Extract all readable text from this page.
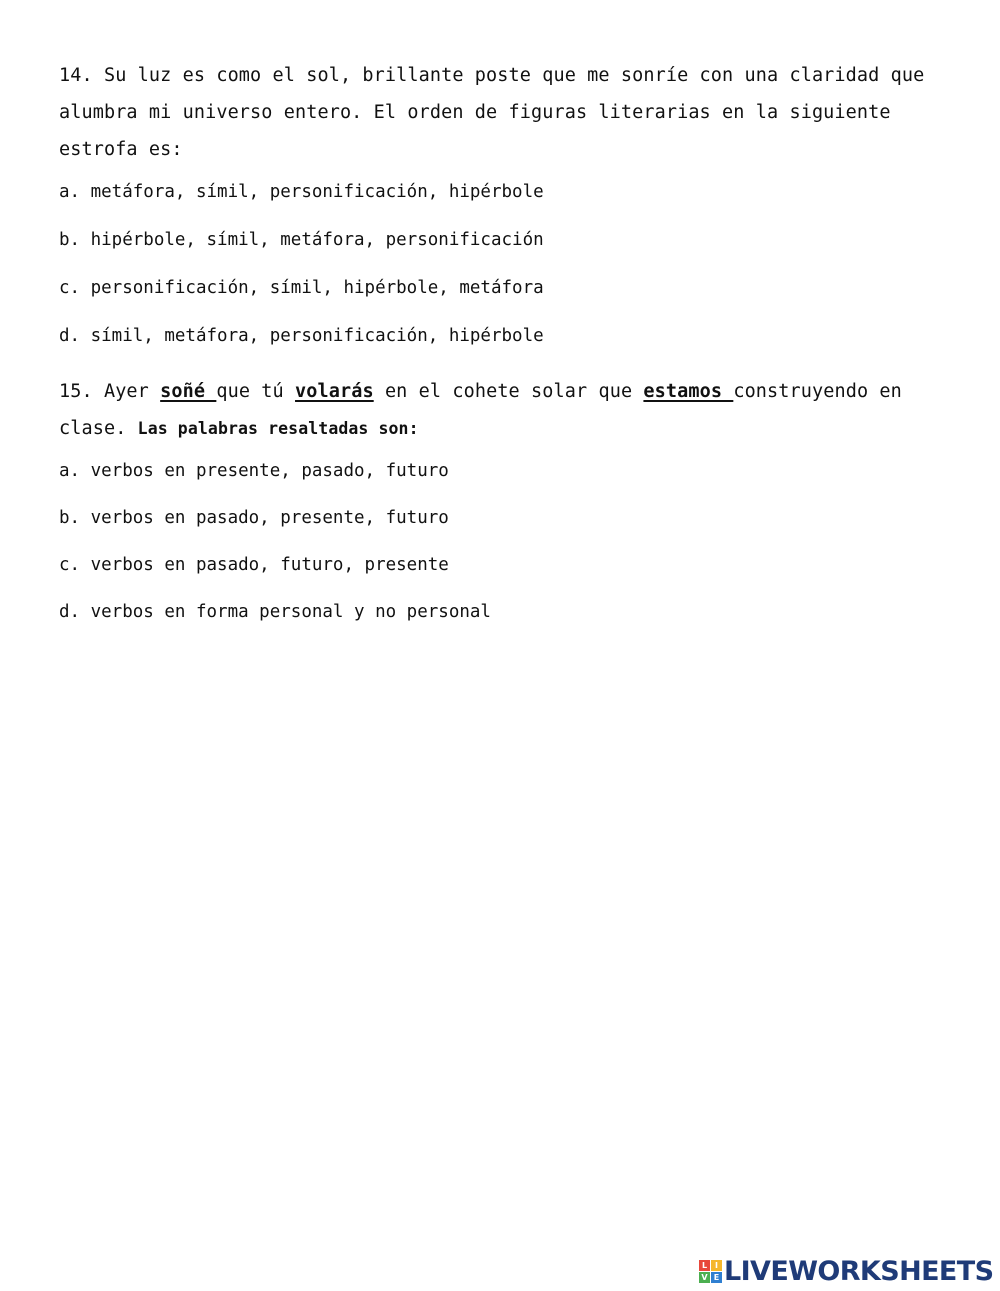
14. Su luz es como el sol, brillante poste que me sonríe con una claridad que alumbra mi universo entero. El orden de figuras literarias en la siguiente estrofa es:

a. metáfora, símil, personificación, hipérbole
b. hipérbole, símil, metáfora, personificación
c. personificación, símil, hipérbole, metáfora
d. símil, metáfora, personificación, hipérbole

15. Ayer soñé que tú volarás en el cohete solar que estamos construyendo en clase. Las palabras resaltadas son:

a. verbos en presente, pasado, futuro
b. verbos en pasado, presente, futuro
c. verbos en pasado, futuro, presente
d. verbos en forma personal y no personal
L I
V E LIVEWORKSHEETS
